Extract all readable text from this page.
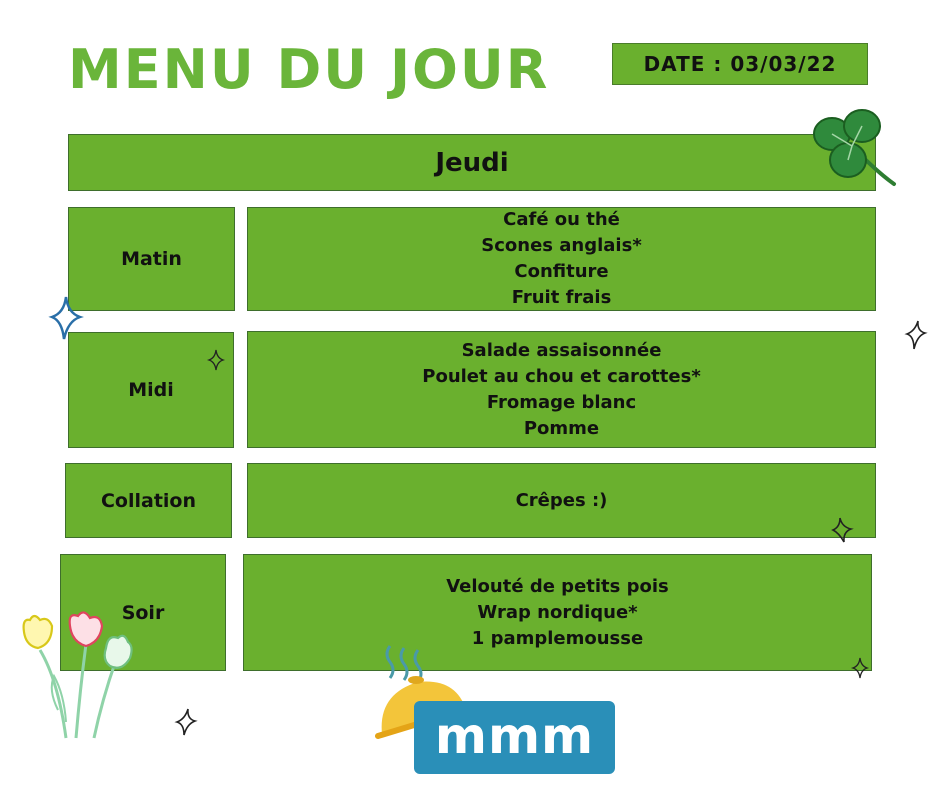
MENU DU JOUR	DATE : 03/03/22
Jeudi
Matin
Café ou thé
Scones anglais*
Confiture
Fruit frais
Midi
Salade assaisonnée
Poulet au chou et carottes*
Fromage blanc
Pomme
Collation	Crêpes :)
Soir
Velouté de petits pois
Wrap nordique*
1 pamplemousse
mmm
